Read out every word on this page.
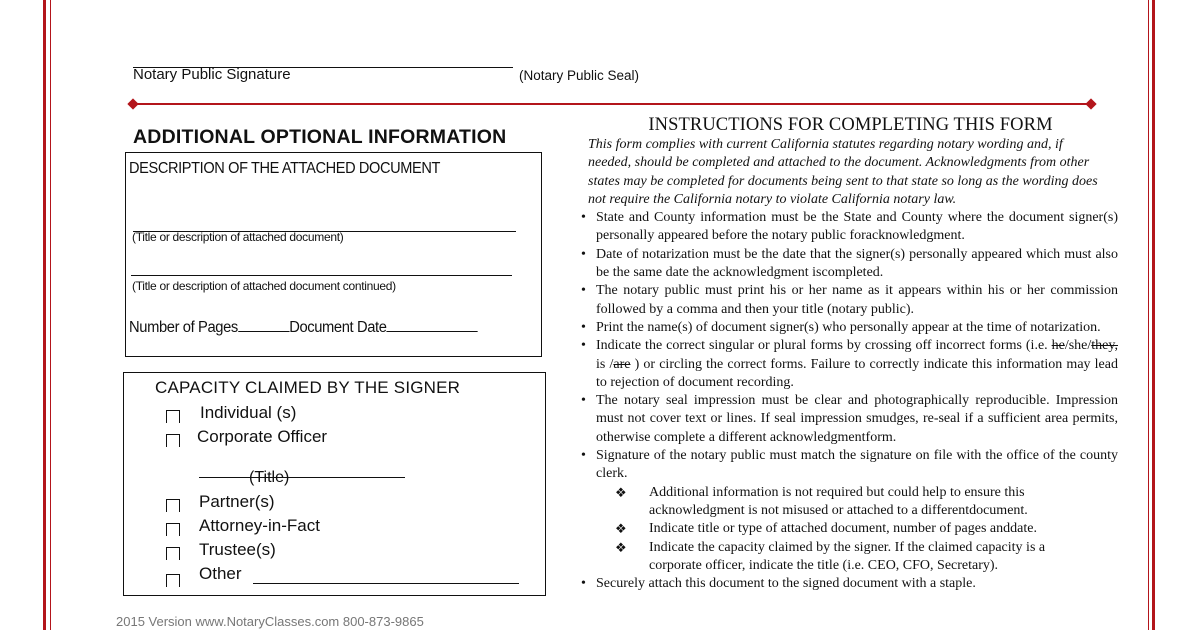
Notary Public Signature	(Notary Public Seal)
ADDITIONAL OPTIONAL INFORMATION
DESCRIPTION OF THE ATTACHED DOCUMENT
(Title or description of attached document)
(Title or description of attached document continued)
Number of Pages	Document Date
CAPACITY CLAIMED BY THE SIGNER
Individual (s)
Corporate Officer
(Title)
Partner(s)
Attorney-in-Fact
Trustee(s)
Other
2015 Version www.NotaryClasses.com 800-873-9865
INSTRUCTIONS FOR COMPLETING THIS FORM
This form complies with current California statutes regarding notary wording and, if needed, should be completed and attached to the document. Acknowledgments from other states may be completed for documents being sent to that state so long as the wording does not require the California notary to violate California notary law.
• State and County information must be the State and County where the document signer(s) personally appeared before the notary public foracknowledgment.
• Date of notarization must be the date that the signer(s) personally appeared which must also be the same date the acknowledgment iscompleted.
• The notary public must print his or her name as it appears within his or her commission followed by a comma and then your title (notary public).
• Print the name(s) of document signer(s) who personally appear at the time of notarization.
• Indicate the correct singular or plural forms by crossing off incorrect forms (i.e. he/she/they, is /are ) or circling the correct forms. Failure to correctly indicate this information may lead to rejection of document recording.
• The notary seal impression must be clear and photographically reproducible. Impression must not cover text or lines. If seal impression smudges, re-seal if a sufficient area permits, otherwise complete a different acknowledgmentform.
• Signature of the notary public must match the signature on file with the office of the county clerk.
❖ Additional information is not required but could help to ensure this acknowledgment is not misused or attached to a differentdocument.
❖ Indicate title or type of attached document, number of pages anddate.
❖ Indicate the capacity claimed by the signer. If the claimed capacity is a corporate officer, indicate the title (i.e. CEO, CFO, Secretary).
• Securely attach this document to the signed document with a staple.
